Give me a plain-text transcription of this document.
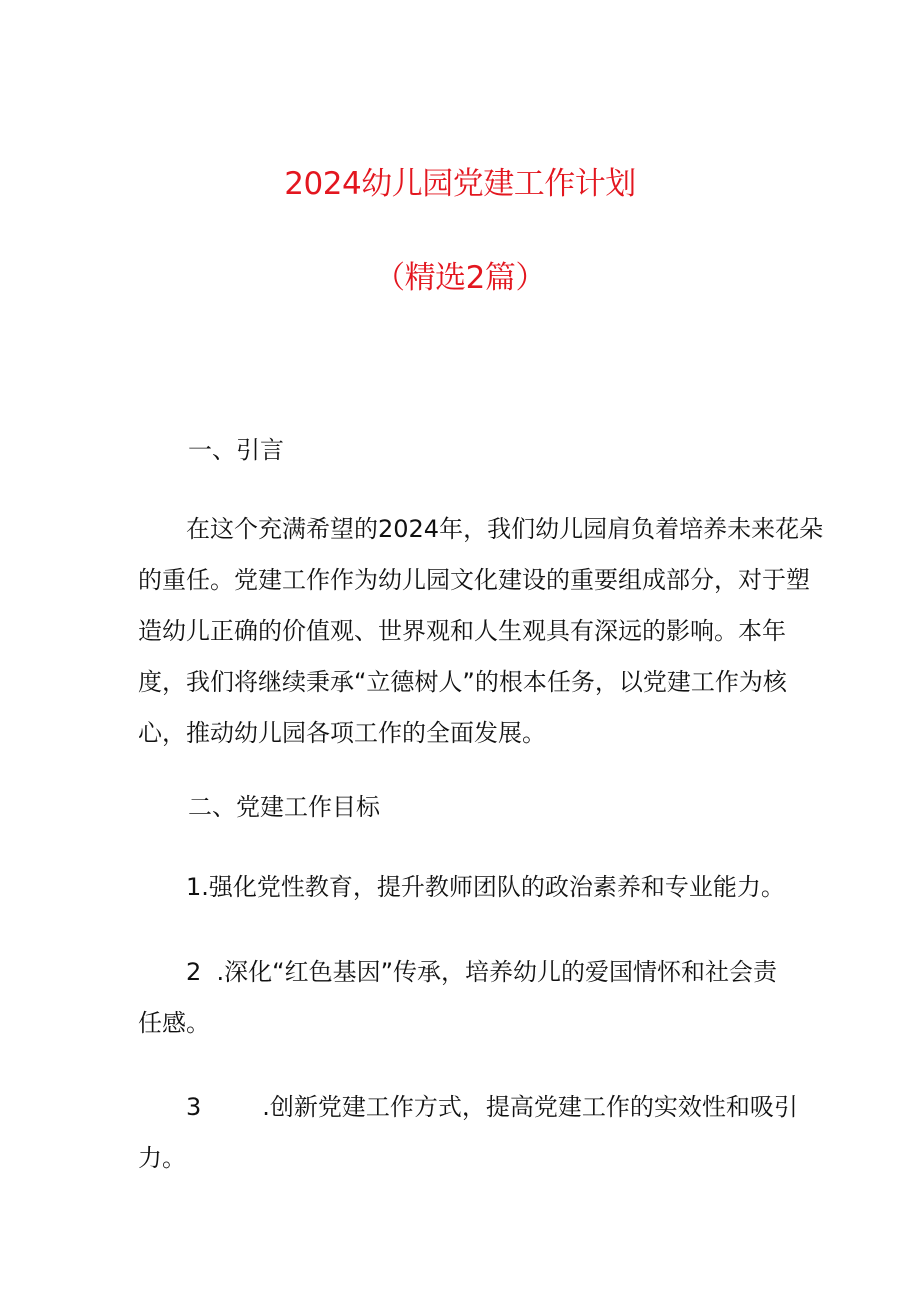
2024幼儿园党建工作计划
（精选2篇）
一、引言
在这个充满希望的2024年，我们幼儿园肩负着培养未来花朵
的重任。党建工作作为幼儿园文化建设的重要组成部分，对于塑
造幼儿正确的价值观、世界观和人生观具有深远的影响。本年
度，我们将继续秉承“立德树人”的根本任务，以党建工作为核
心，推动幼儿园各项工作的全面发展。
二、党建工作目标
1.强化党性教育，提升教师团队的政治素养和专业能力。
2  .深化“红色基因”传承，培养幼儿的爱国情怀和社会责
任感。
3        .创新党建工作方式，提高党建工作的实效性和吸引
力。
